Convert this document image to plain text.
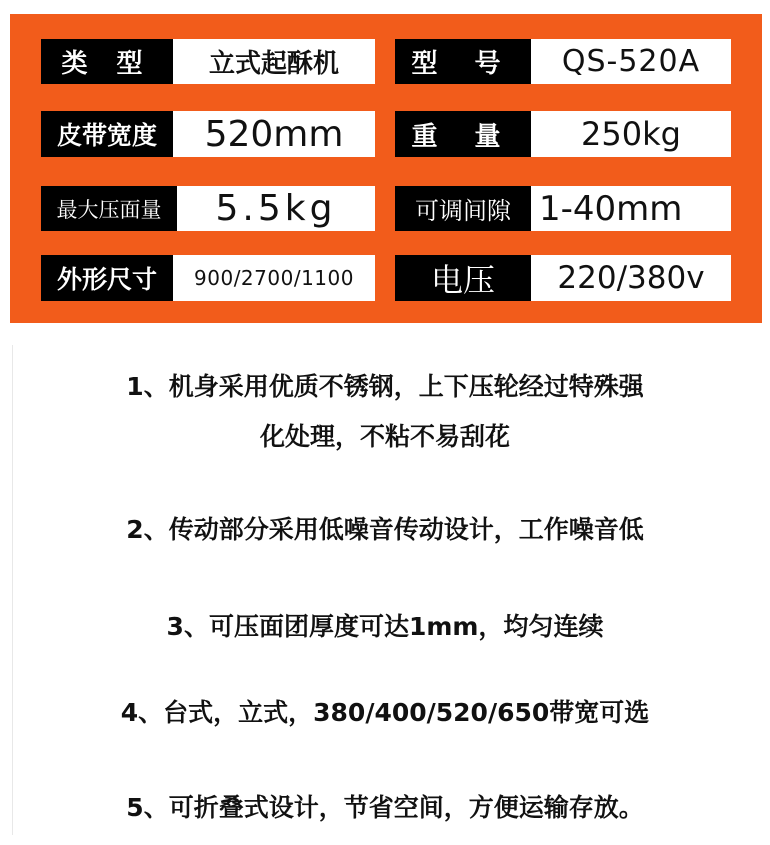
类 型 立式起酥机	型 号 QS-520A
皮带宽度 520mm	重 量 250kg
最大压面量 5.5kg	可调间隙 1-40mm
外形尺寸 900/2700/1100 电压 220/380v
1、机身采用优质不锈钢，上下压轮经过特殊强
化处理，不粘不易刮花
2、传动部分采用低噪音传动设计，工作噪音低
3、可压面团厚度可达1mm，均匀连续
4、台式，立式，380/400/520/650带宽可选
5、可折叠式设计，节省空间，方便运输存放。
